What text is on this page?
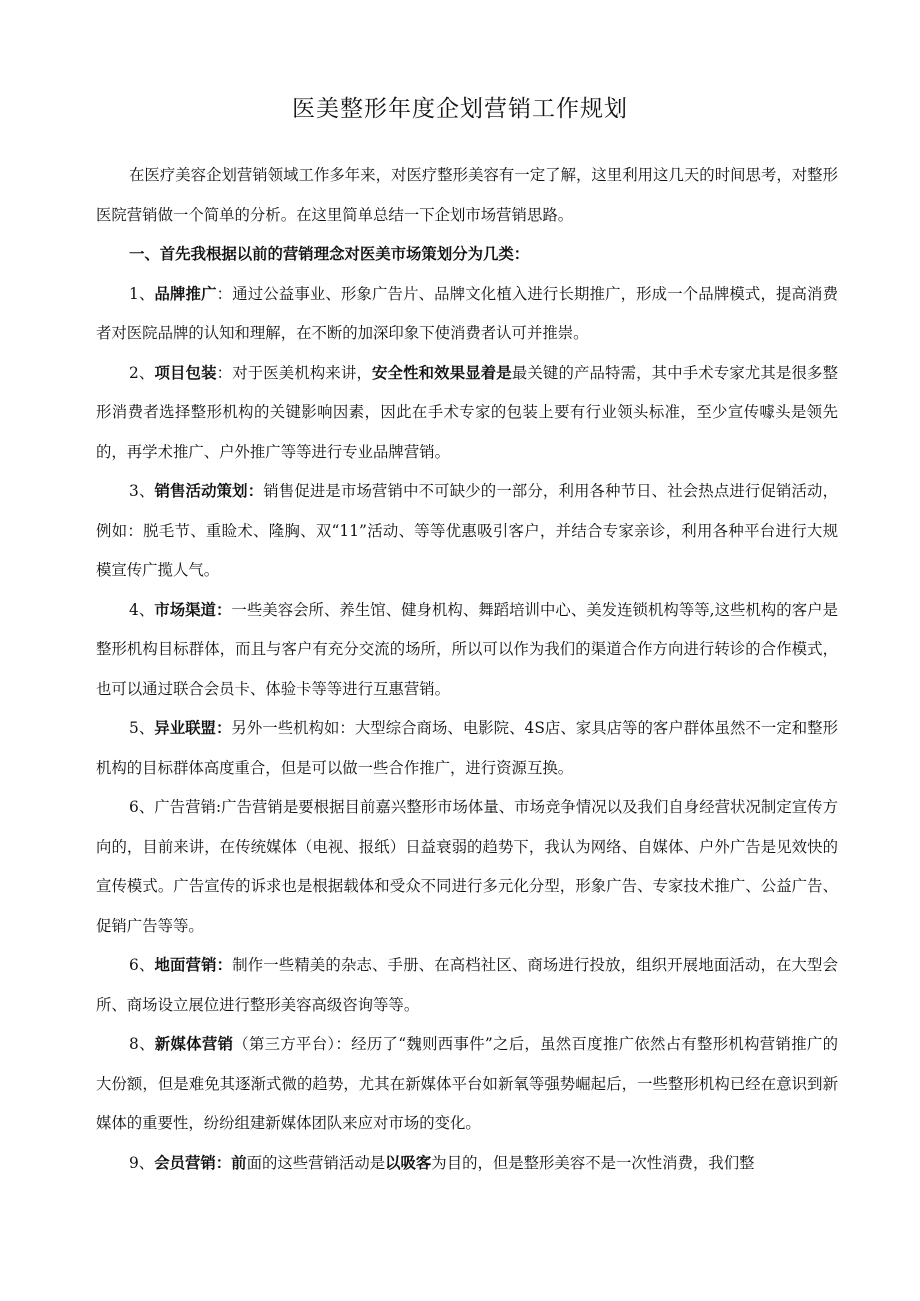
医美整形年度企划营销工作规划

在医疗美容企划营销领域工作多年来，对医疗整形美容有一定了解，这里利用这几天的时间思考，对整形医院营销做一个简单的分析。在这里简单总结一下企划市场营销思路。

一、首先我根据以前的营销理念对医美市场策划分为几类：

1、品牌推广：通过公益事业、形象广告片、品牌文化植入进行长期推广，形成一个品牌模式，提高消费者对医院品牌的认知和理解，在不断的加深印象下使消费者认可并推崇。

2、项目包装：对于医美机构来讲，安全性和效果显着是最关键的产品特需，其中手术专家尤其是很多整形消费者选择整形机构的关键影响因素，因此在手术专家的包装上要有行业领头标准，至少宣传噱头是领先的，再学术推广、户外推广等等进行专业品牌营销。

3、销售活动策划：销售促进是市场营销中不可缺少的一部分，利用各种节日、社会热点进行促销活动，例如：脱毛节、重睑术、隆胸、双“11”活动、等等优惠吸引客户，并结合专家亲诊，利用各种平台进行大规模宣传广揽人气。

4、市场渠道：一些美容会所、养生馆、健身机构、舞蹈培训中心、美发连锁机构等等,这些机构的客户是整形机构目标群体，而且与客户有充分交流的场所，所以可以作为我们的渠道合作方向进行转诊的合作模式，也可以通过联合会员卡、体验卡等等进行互惠营销。

5、异业联盟：另外一些机构如：大型综合商场、电影院、4S店、家具店等的客户群体虽然不一定和整形机构的目标群体高度重合，但是可以做一些合作推广，进行资源互换。

6、广告营销:广告营销是要根据目前嘉兴整形市场体量、市场竞争情况以及我们自身经营状况制定宣传方向的，目前来讲，在传统媒体（电视、报纸）日益衰弱的趋势下，我认为网络、自媒体、户外广告是见效快的宣传模式。广告宣传的诉求也是根据载体和受众不同进行多元化分型，形象广告、专家技术推广、公益广告、促销广告等等。

6、地面营销：制作一些精美的杂志、手册、在高档社区、商场进行投放，组织开展地面活动，在大型会所、商场设立展位进行整形美容高级咨询等等。

8、新媒体营销（第三方平台）：经历了“魏则西事件”之后，虽然百度推广依然占有整形机构营销推广的大份额，但是难免其逐渐式微的趋势，尤其在新媒体平台如新氧等强势崛起后，一些整形机构已经在意识到新媒体的重要性，纷纷组建新媒体团队来应对市场的变化。

9、会员营销：前面的这些营销活动是以吸客为目的，但是整形美容不是一次性消费，我们整
